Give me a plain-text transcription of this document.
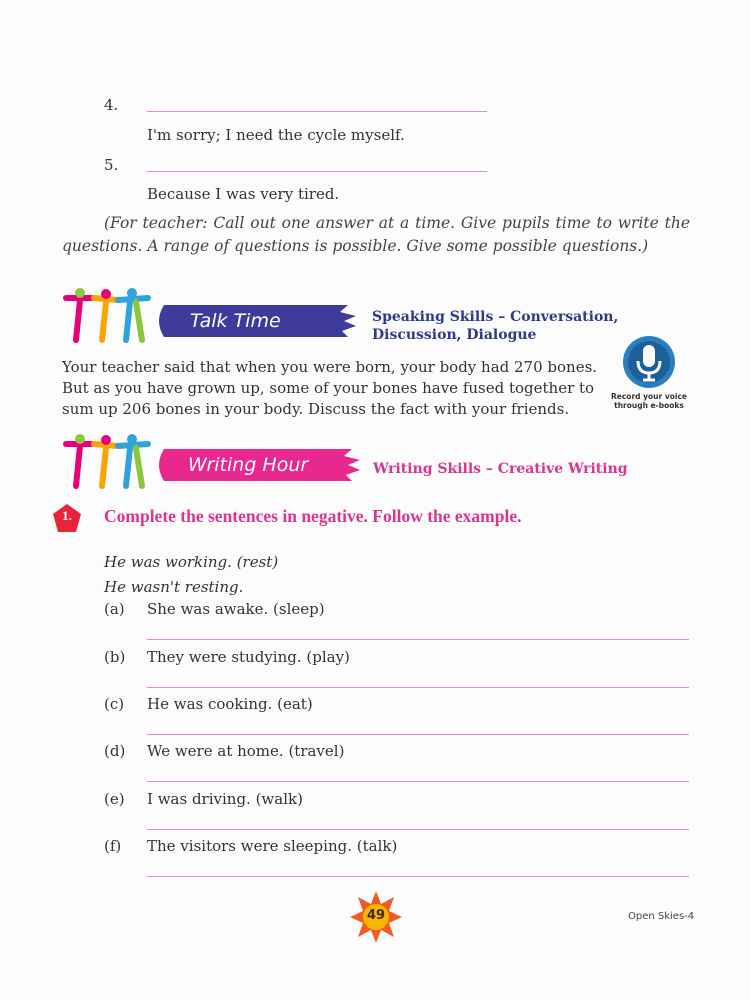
4.
I'm sorry; I need the cycle myself.
5.
Because I was very tired.
(For teacher: Call out one answer at a time. Give pupils time to write the questions. A range of questions is possible. Give some possible questions.)
Talk Time	Speaking Skills – Conversation,
Discussion, Dialogue
Your teacher said that when you were born, your body had 270 bones. But as you have grown up, some of your bones have fused together to sum up 206 bones in your body. Discuss the fact with your friends.
Record your voice
through e-books
Writing Hour	Writing Skills – Creative Writing
1.	Complete the sentences in negative. Follow the example.
He was working. (rest)
He wasn't resting.
(a) She was awake. (sleep)
(b) They were studying. (play)
(c) He was cooking. (eat)
(d) We were at home. (travel)
(e) I was driving. (walk)
(f) The visitors were sleeping. (talk)
49	Open Skies-4
